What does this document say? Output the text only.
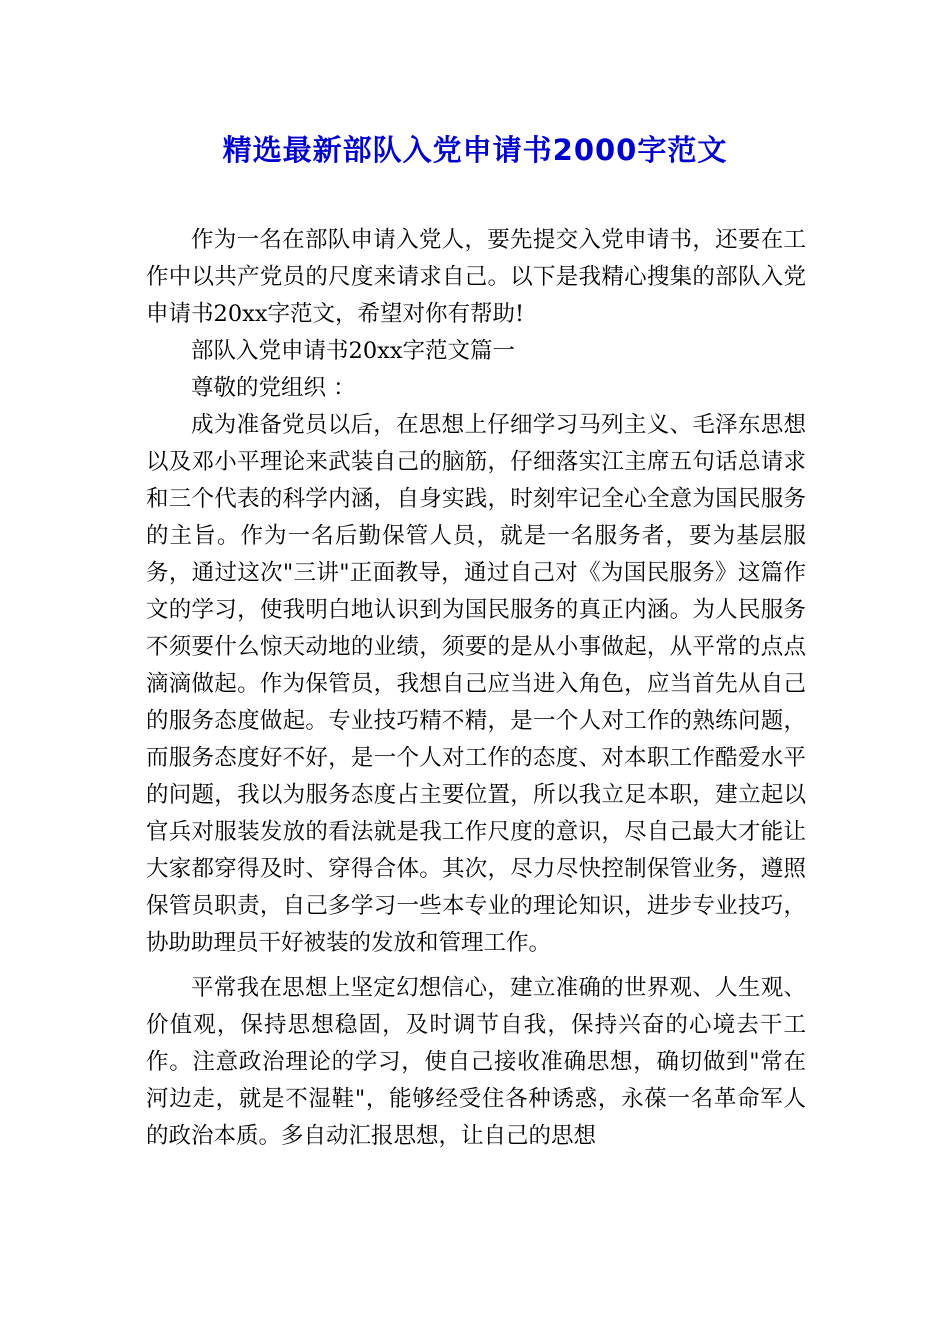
精选最新部队入党申请书2000字范文

作为一名在部队申请入党人，要先提交入党申请书，还要在工作中以共产党员的尺度来请求自己。以下是我精心搜集的部队入党申请书20xx字范文，希望对你有帮助!

部队入党申请书20xx字范文篇一

尊敬的党组织 ：

成为准备党员以后，在思想上仔细学习马列主义、毛泽东思想以及邓小平理论来武装自己的脑筋，仔细落实江主席五句话总请求和三个代表的科学内涵，自身实践，时刻牢记全心全意为国民服务的主旨。作为一名后勤保管人员，就是一名服务者，要为基层服务，通过这次"三讲"正面教导，通过自己对《为国民服务》这篇作文的学习，使我明白地认识到为国民服务的真正内涵。为人民服务不须要什么惊天动地的业绩，须要的是从小事做起，从平常的点点滴滴做起。作为保管员，我想自己应当进入角色，应当首先从自己的服务态度做起。专业技巧精不精，是一个人对工作的熟练问题，而服务态度好不好，是一个人对工作的态度、对本职工作酷爱水平的问题，我以为服务态度占主要位置，所以我立足本职，建立起以官兵对服装发放的看法就是我工作尺度的意识，尽自己最大才能让大家都穿得及时、穿得合体。其次，尽力尽快控制保管业务，遵照保管员职责，自己多学习一些本专业的理论知识，进步专业技巧，协助助理员干好被装的发放和管理工作。

平常我在思想上坚定幻想信心，建立准确的世界观、人生观、价值观，保持思想稳固，及时调节自我，保持兴奋的心境去干工作。注意政治理论的学习，使自己接收准确思想，确切做到"常在河边走，就是不湿鞋"，能够经受住各种诱惑，永葆一名革命军人的政治本质。多自动汇报思想，让自己的思想
